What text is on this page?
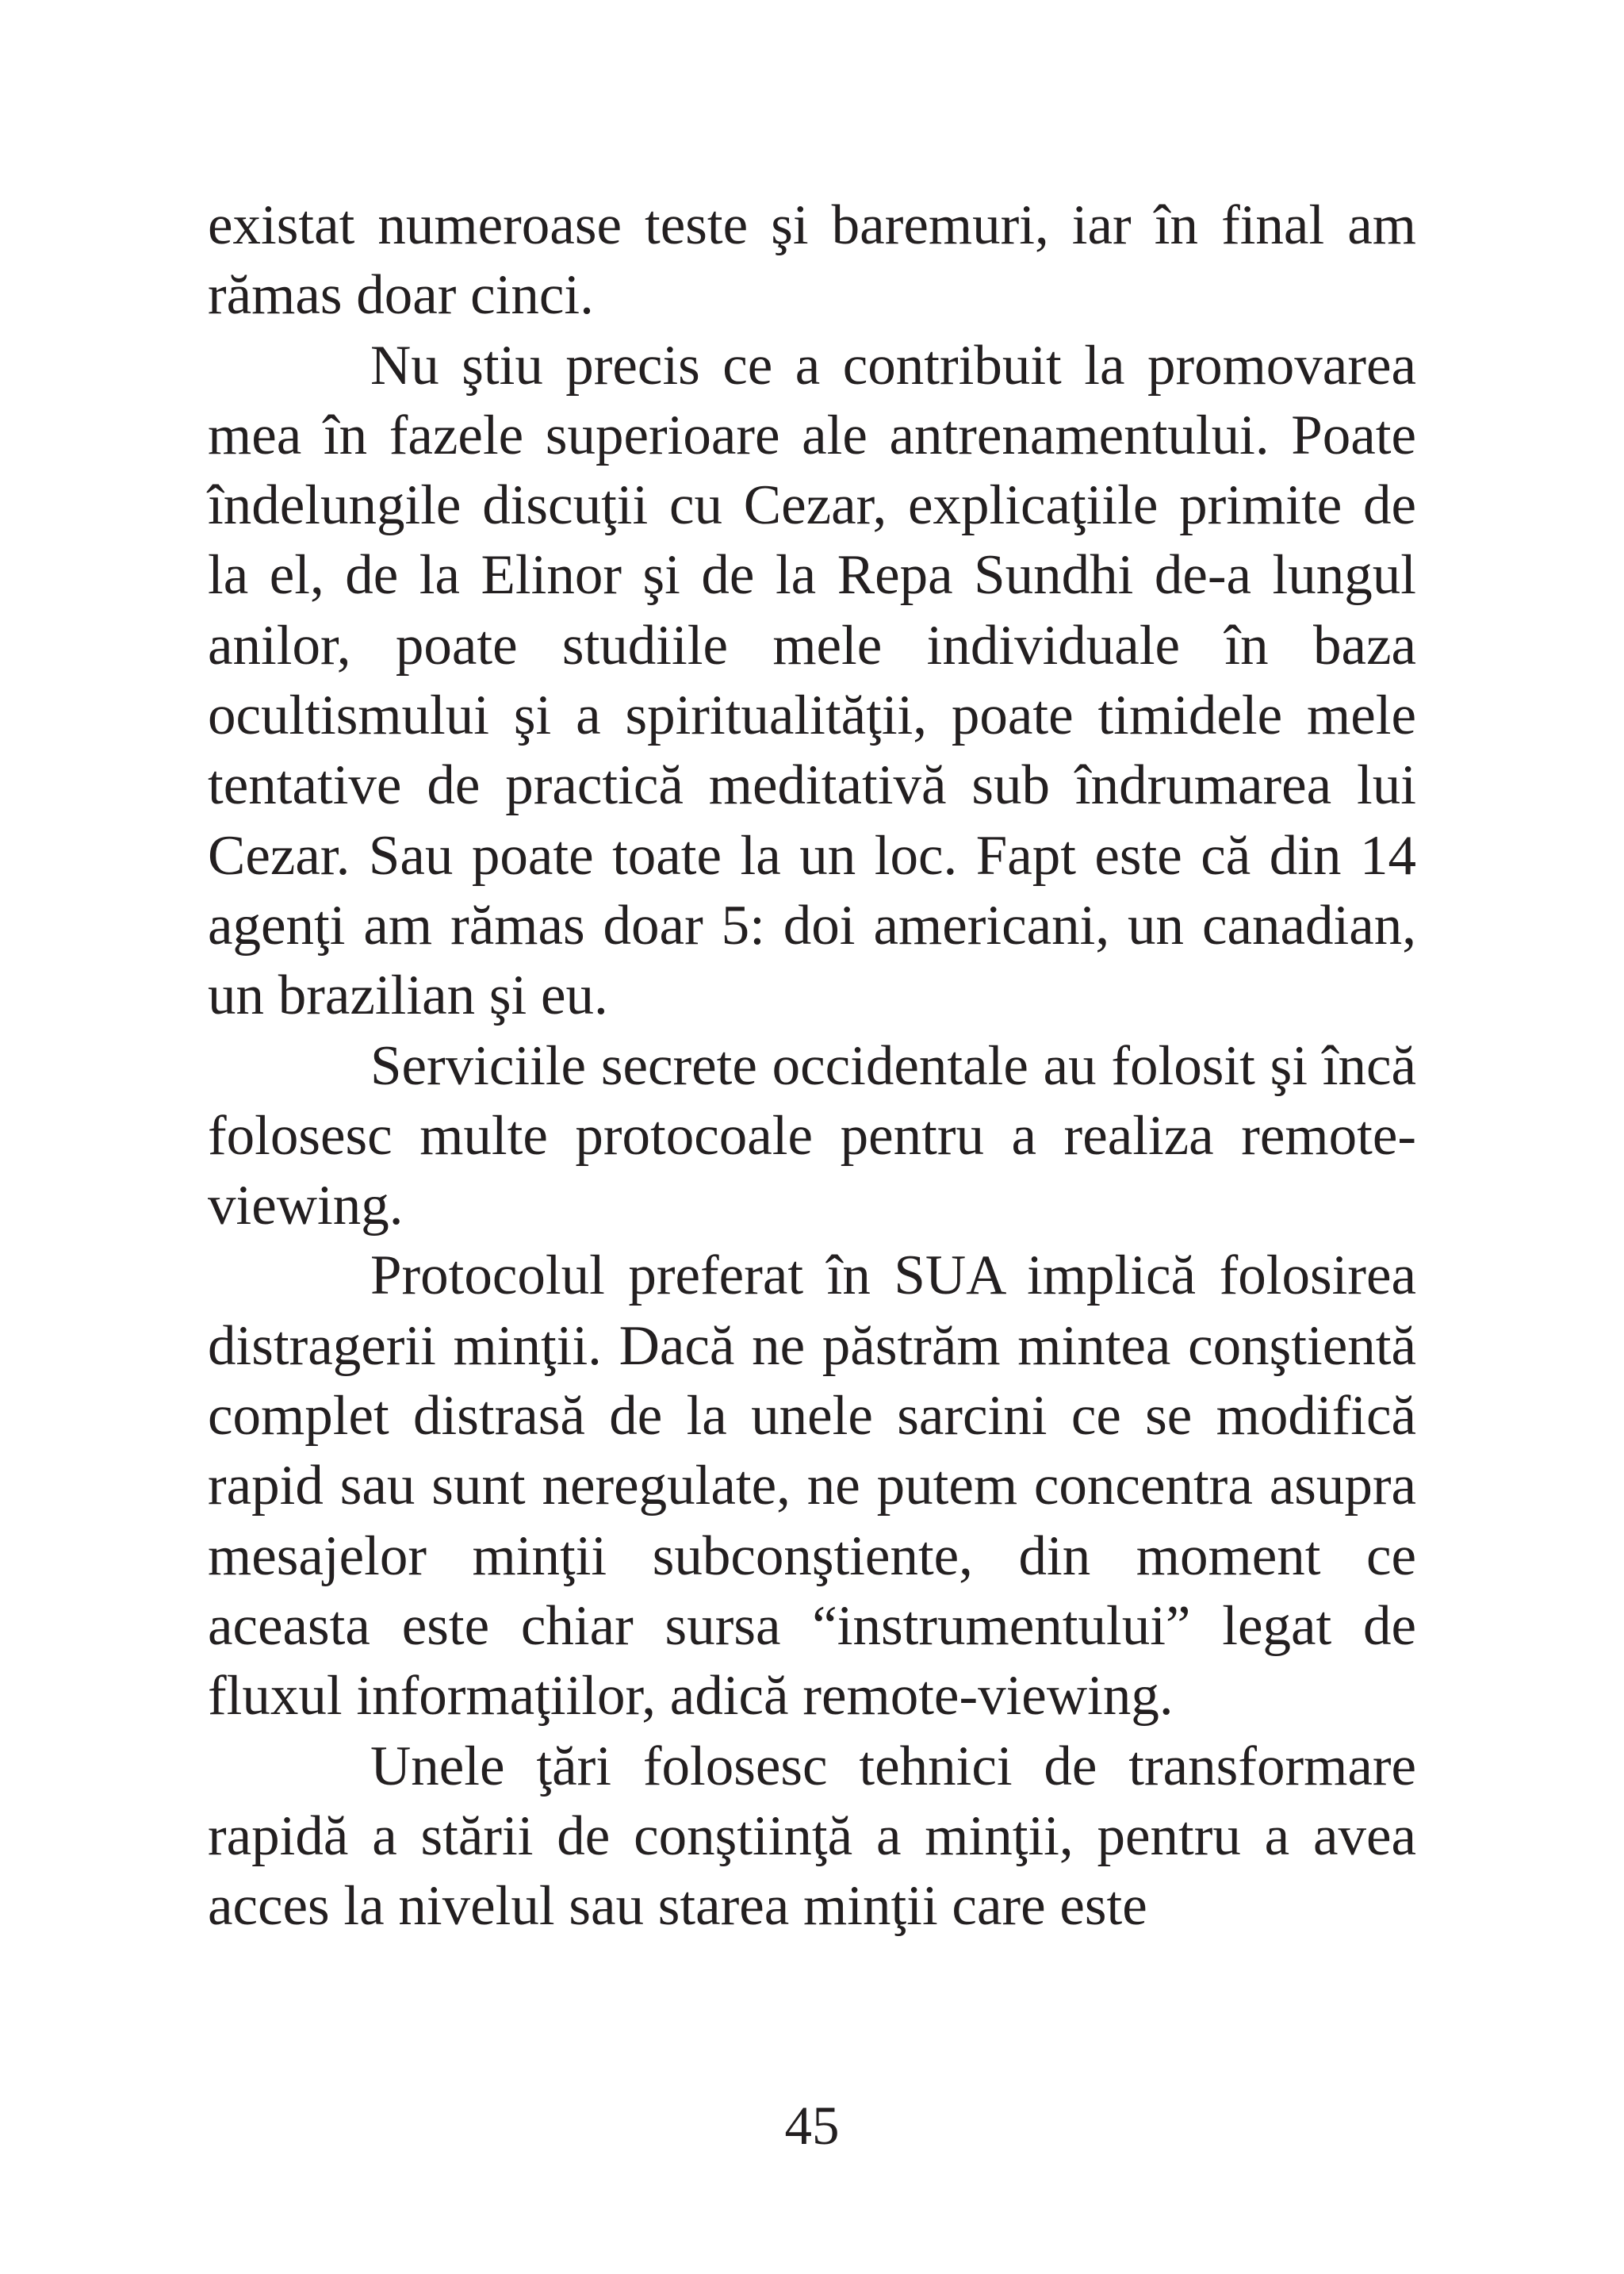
existat numeroase teste şi baremuri, iar în final am rămas doar cinci.

Nu ştiu precis ce a contribuit la promovarea mea în fazele superioare ale antrenamentului. Poate îndelungile discuţii cu Cezar, explicaţiile primite de la el, de la Elinor şi de la Repa Sundhi de-a lungul anilor, poate studiile mele individuale în baza ocultismului şi a spiritualităţii, poate timidele mele tentative de practică meditativă sub îndrumarea lui Cezar. Sau poate toate la un loc. Fapt este că din 14 agenţi am rămas doar 5: doi americani, un canadian, un brazilian şi eu.

Serviciile secrete occidentale au folosit şi încă folosesc multe protocoale pentru a realiza remote-viewing.

Protocolul preferat în SUA implică folosirea distragerii minţii. Dacă ne păstrăm mintea conştientă complet distrasă de la unele sarcini ce se modifică rapid sau sunt neregulate, ne putem concentra asupra mesajelor minţii subconştiente, din moment ce aceasta este chiar sursa “instrumentului” legat de fluxul informaţiilor, adică remote-viewing.

Unele ţări folosesc tehnici de transformare rapidă a stării de conştiinţă a minţii, pentru a avea acces la nivelul sau starea minţii care este

45
